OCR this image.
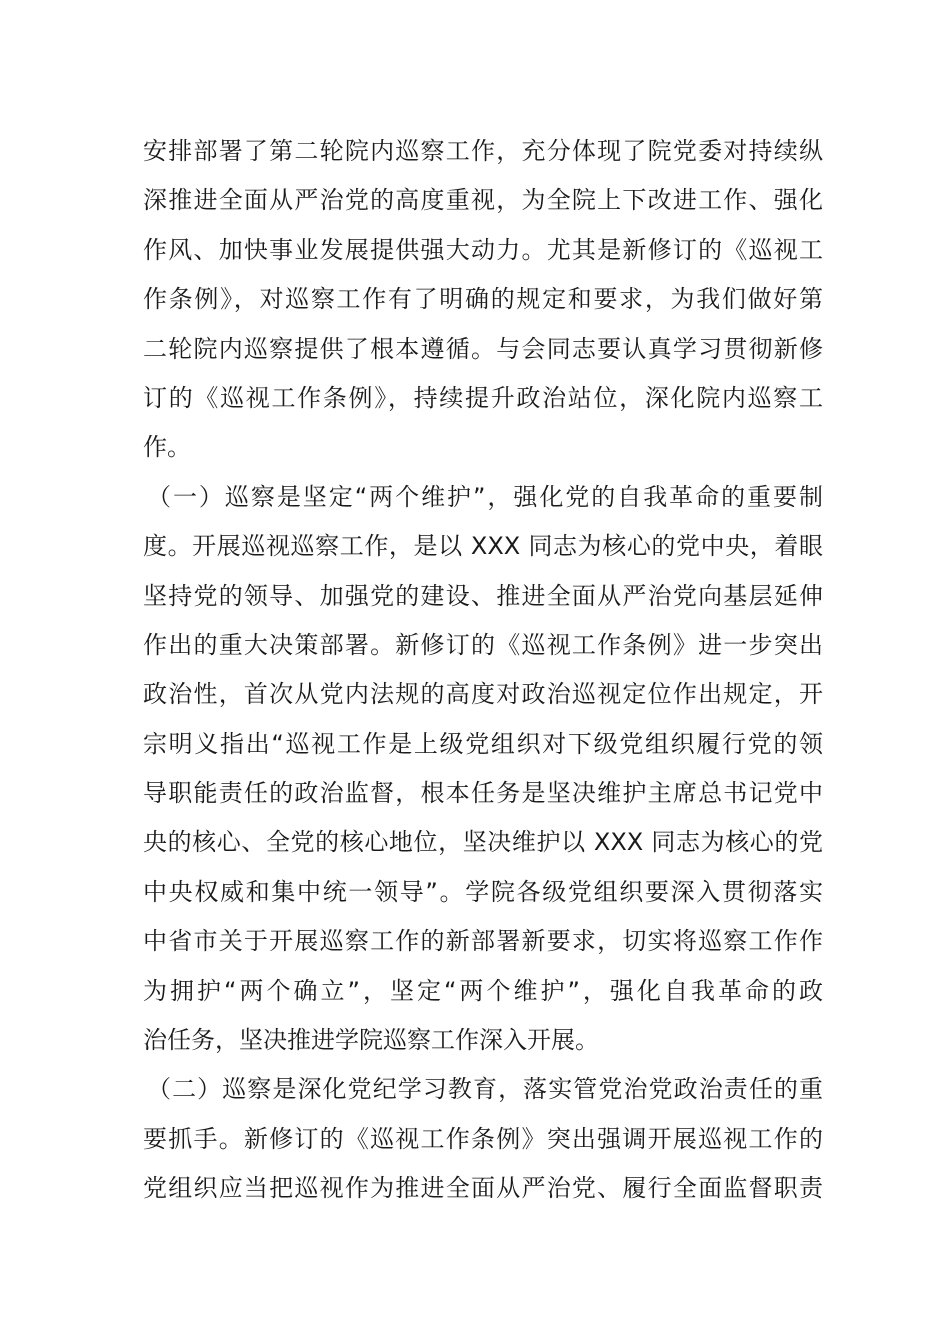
安排部署了第二轮院内巡察工作，充分体现了院党委对持续纵
深推进全面从严治党的高度重视，为全院上下改进工作、强化
作风、加快事业发展提供强大动力。尤其是新修订的《巡视工
作条例》，对巡察工作有了明确的规定和要求，为我们做好第
二轮院内巡察提供了根本遵循。与会同志要认真学习贯彻新修
订的《巡视工作条例》，持续提升政治站位，深化院内巡察工
作。
（一）巡察是坚定“两个维护”，强化党的自我革命的重要制
度。开展巡视巡察工作，是以 XXX 同志为核心的党中央，着眼
坚持党的领导、加强党的建设、推进全面从严治党向基层延伸
作出的重大决策部署。新修订的《巡视工作条例》进一步突出
政治性，首次从党内法规的高度对政治巡视定位作出规定，开
宗明义指出“巡视工作是上级党组织对下级党组织履行党的领
导职能责任的政治监督，根本任务是坚决维护主席总书记党中
央的核心、全党的核心地位，坚决维护以 XXX 同志为核心的党
中央权威和集中统一领导”。学院各级党组织要深入贯彻落实
中省市关于开展巡察工作的新部署新要求，切实将巡察工作作
为拥护“两个确立”，坚定“两个维护”，强化自我革命的政
治任务，坚决推进学院巡察工作深入开展。
（二）巡察是深化党纪学习教育，落实管党治党政治责任的重
要抓手。新修订的《巡视工作条例》突出强调开展巡视工作的
党组织应当把巡视作为推进全面从严治党、履行全面监督职责
